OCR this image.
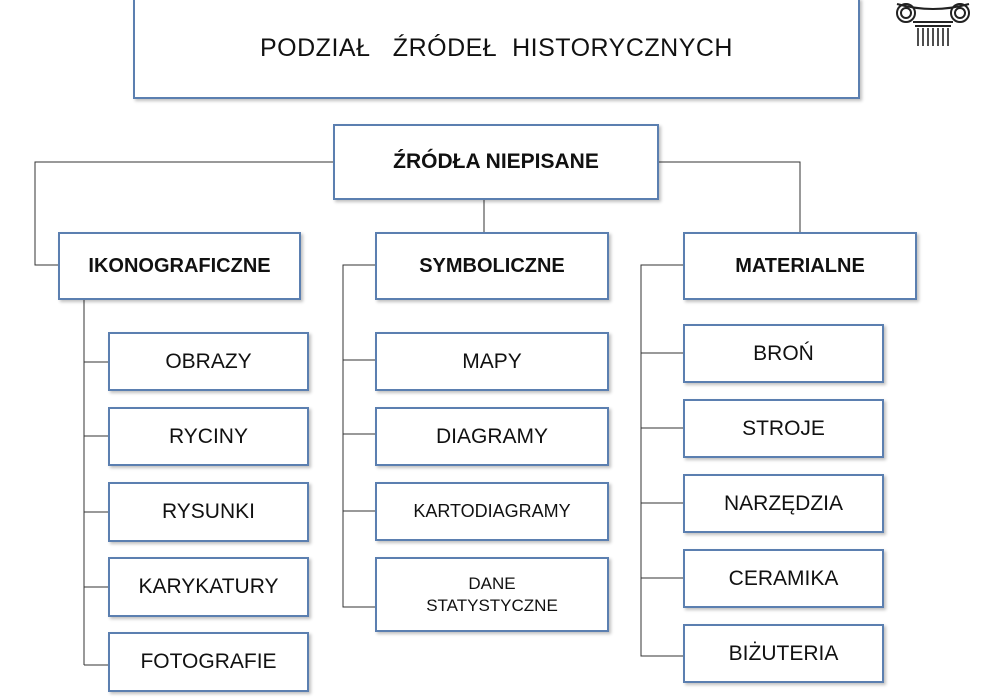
PODZIAŁ   ŹRÓDEŁ  HISTORYCZNYCH
ŹRÓDŁA NIEPISANE
IKONOGRAFICZNE
OBRAZY
RYCINY
RYSUNKI
KARYKATURY
FOTOGRAFIE
SYMBOLICZNE
MAPY
DIAGRAMY
KARTODIAGRAMY
DANE STATYSTYCZNE
MATERIALNE
BROŃ
STROJE
NARZĘDZIA
CERAMIKA
BIŻUTERIA
